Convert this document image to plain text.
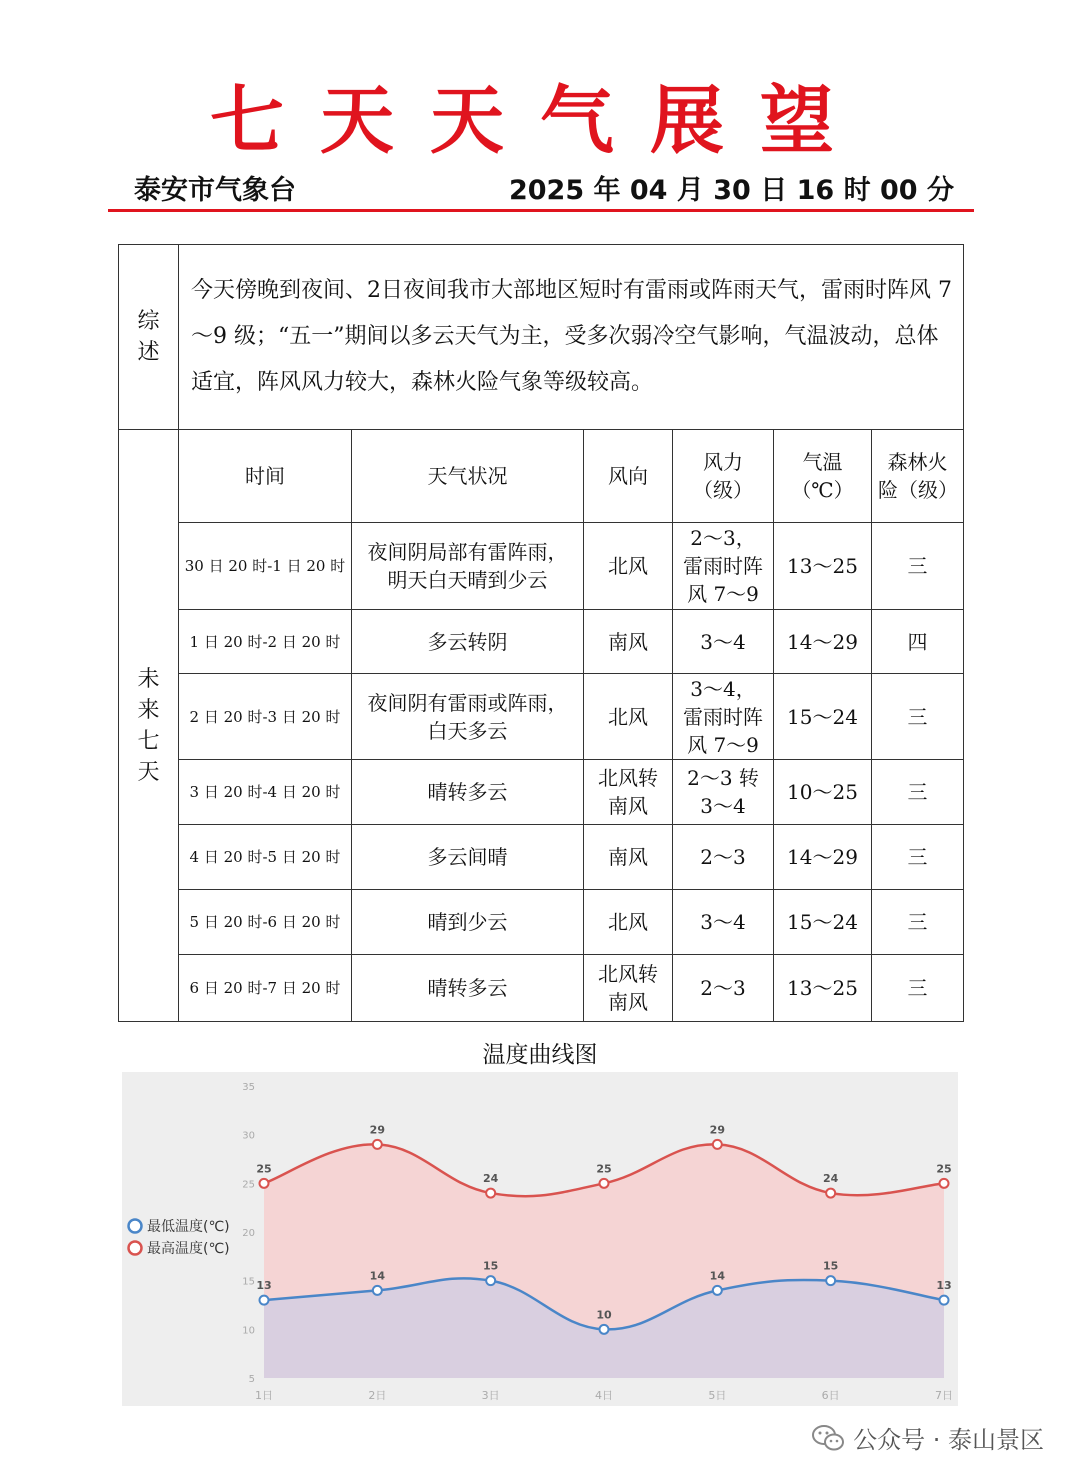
七天天气展望
泰安市气象台	2025 年 04 月 30 日 16 时 00 分
综述	今天傍晚到夜间、2日夜间我市大部地区短时有雷雨或阵雨天气，雷雨时阵风 7～9 级；“五一”期间以多云天气为主，受多次弱冷空气影响，气温波动，总体适宜，阵风风力较大，森林火险气象等级较高。					
未来七天	时间	天气状况	风向	风力（级）	气温（℃）	森林火险（级）
	30 日 20 时-1 日 20 时	夜间阴局部有雷阵雨，明天白天晴到少云	北风	2～3，雷雨时阵风 7～9	13～25	三
	1 日 20 时-2 日 20 时	多云转阴	南风	3～4	14～29	四
	2 日 20 时-3 日 20 时	夜间阴有雷雨或阵雨，白天多云	北风	3～4，雷雨时阵风 7～9	15～24	三
	3 日 20 时-4 日 20 时	晴转多云	北风转南风	2～3 转 3～4	10～25	三
	4 日 20 时-5 日 20 时	多云间晴	南风	2～3	14～29	三
	5 日 20 时-6 日 20 时	晴到少云	北风	3～4	15～24	三
	6 日 20 时-7 日 20 时	晴转多云	北风转南风	2～3	13～25	三
温度曲线图
5
10
15
20
25
30
35
25
29
24
25
29
24
25
13
14
15
10
14
15
13
1日	2日	3日	4日	5日	6日	7日
最低温度(℃)
最高温度(℃)
公众号 · 泰山景区
